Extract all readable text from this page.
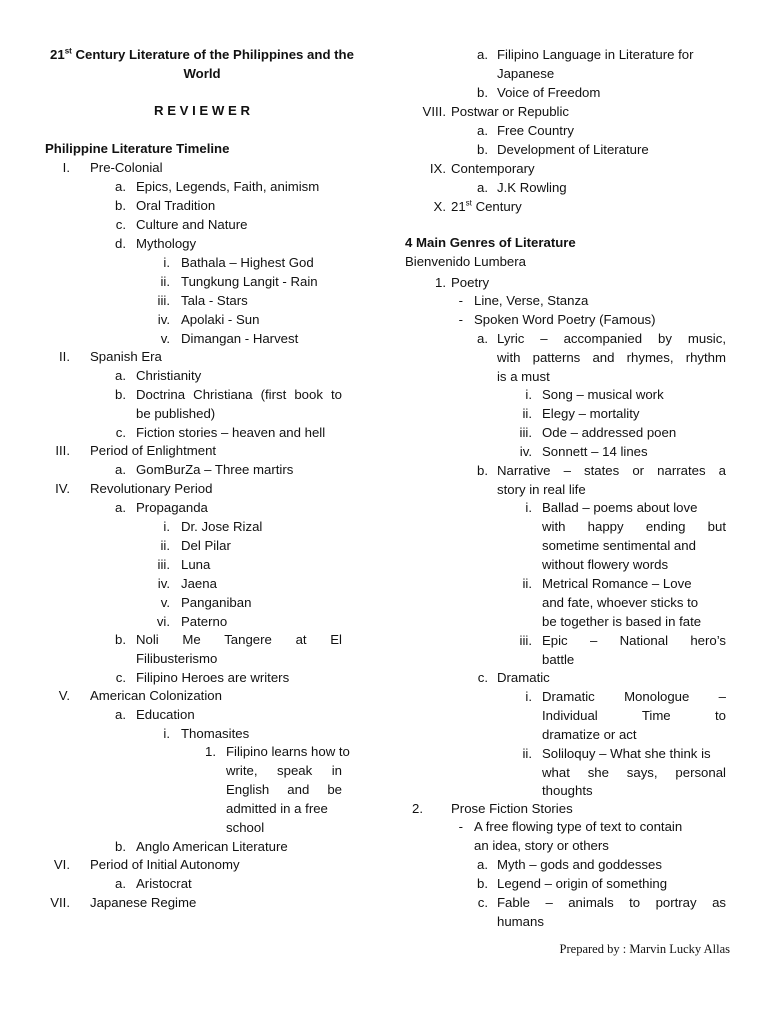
21st Century Literature of the Philippines and the
World
R E V I E W E R
Philippine Literature Timeline
I. Pre-Colonial
a. Epics, Legends, Faith, animism
b. Oral Tradition
c. Culture and Nature
d. Mythology
i. Bathala – Highest God
ii. Tungkung Langit - Rain
iii. Tala - Stars
iv. Apolaki - Sun
v. Dimangan - Harvest
II. Spanish Era
a. Christianity
b. Doctrina Christiana (first book to
be published)
c. Fiction stories – heaven and hell
III. Period of Enlightment
a. GomBurZa – Three martirs
IV. Revolutionary Period
a. Propaganda
i. Dr. Jose Rizal
ii. Del Pilar
iii. Luna
iv. Jaena
v. Panganiban
vi. Paterno
b. Noli Me Tangere at El
Filibusterismo
c. Filipino Heroes are writers
V. American Colonization
a. Education
i. Thomasites
1. Filipino learns how to
write, speak in
English and be
admitted in a free
school
b. Anglo American Literature
VI. Period of Initial Autonomy
a. Aristocrat
VII. Japanese Regime
a. Filipino Language in Literature for
Japanese
b. Voice of Freedom
VIII. Postwar or Republic
a. Free Country
b. Development of Literature
IX. Contemporary
a. J.K Rowling
X. 21st Century
1. Poetry
- Line, Verse, Stanza
- Spoken Word Poetry (Famous)
a. Lyric – accompanied by music,
with patterns and rhymes, rhythm
is a must
i. Song – musical work
ii. Elegy – mortality
iii. Ode – addressed poen
iv. Sonnett – 14 lines
b. Narrative – states or narrates a
story in real life
i. Ballad – poems about love
with happy ending but
sometime sentimental and
without flowery words
ii. Metrical Romance – Love
and fate, whoever sticks to
be together is based in fate
iii. Epic – National hero’s
battle
c. Dramatic
i. Dramatic Monologue –
Individual Time to
dramatize or act
ii. Soliloquy – What she think is
what she says, personal
thoughts
2. Prose Fiction Stories
- A free flowing type of text to contain
an idea, story or others
a. Myth – gods and goddesses
b. Legend – origin of something
c. Fable – animals to portray as
humans
4 Main Genres of Literature
Bienvenido Lumbera
Prepared by : Marvin Lucky Allas
